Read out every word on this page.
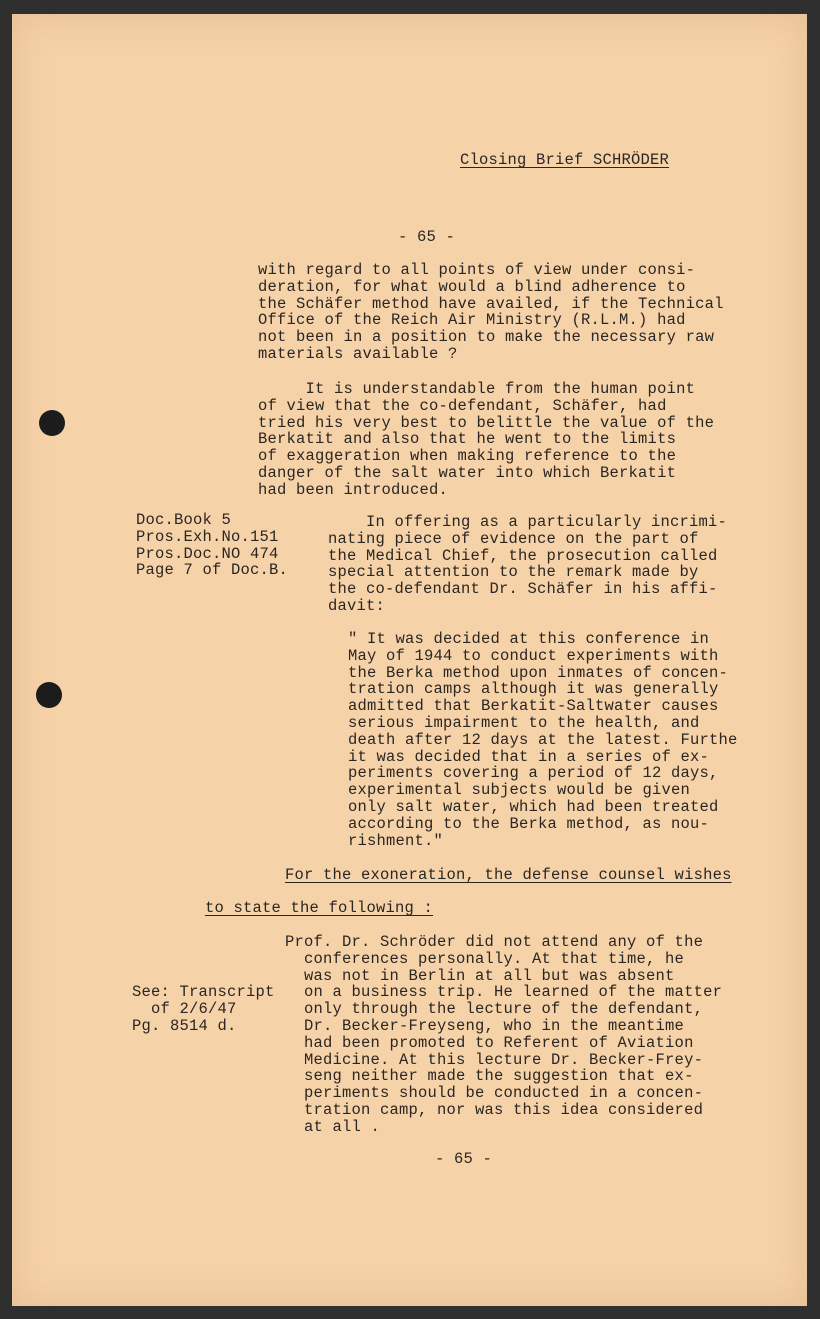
Closing Brief SCHRÖDER
- 65 -
with regard to all points of view under consi-
deration, for what would a blind adherence to
the Schäfer method have availed, if the Technical
Office of the Reich Air Ministry (R.L.M.) had
not been in a position to make the necessary raw
materials available ?
It is understandable from the human point
of view that the co-defendant, Schäfer, had
tried his very best to belittle the value of the
Berkatit and also that he went to the limits
of exaggeration when making reference to the
danger of the salt water into which Berkatit
had been introduced.
Doc.Book 5
Pros.Exh.No.151
Pros.Doc.NO 474
Page 7 of Doc.B.
In offering as a particularly incrimi-
nating piece of evidence on the part of
the Medical Chief, the prosecution called
special attention to the remark made by
the co-defendant Dr. Schäfer in his affi-
davit:
" It was decided at this conference in
May of 1944 to conduct experiments with
the Berka method upon inmates of concen-
tration camps although it was generally
admitted that Berkatit-Saltwater causes
serious impairment to the health, and
death after 12 days at the latest. Furthe
it was decided that in a series of ex-
periments covering a period of 12 days,
experimental subjects would be given
only salt water, which had been treated
according to the Berka method, as nou-
rishment."
For the exoneration, the defense counsel wishes
to state the following :
See: Transcript
of 2/6/47
Pg. 8514 d.
Prof. Dr. Schröder did not attend any of the
conferences personally. At that time, he
was not in Berlin at all but was absent
on a business trip. He learned of the matter
only through the lecture of the defendant,
Dr. Becker-Freyseng, who in the meantime
had been promoted to Referent of Aviation
Medicine. At this lecture Dr. Becker-Frey-
seng neither made the suggestion that ex-
periments should be conducted in a concen-
tration camp, nor was this idea considered
at all .
- 65 -
